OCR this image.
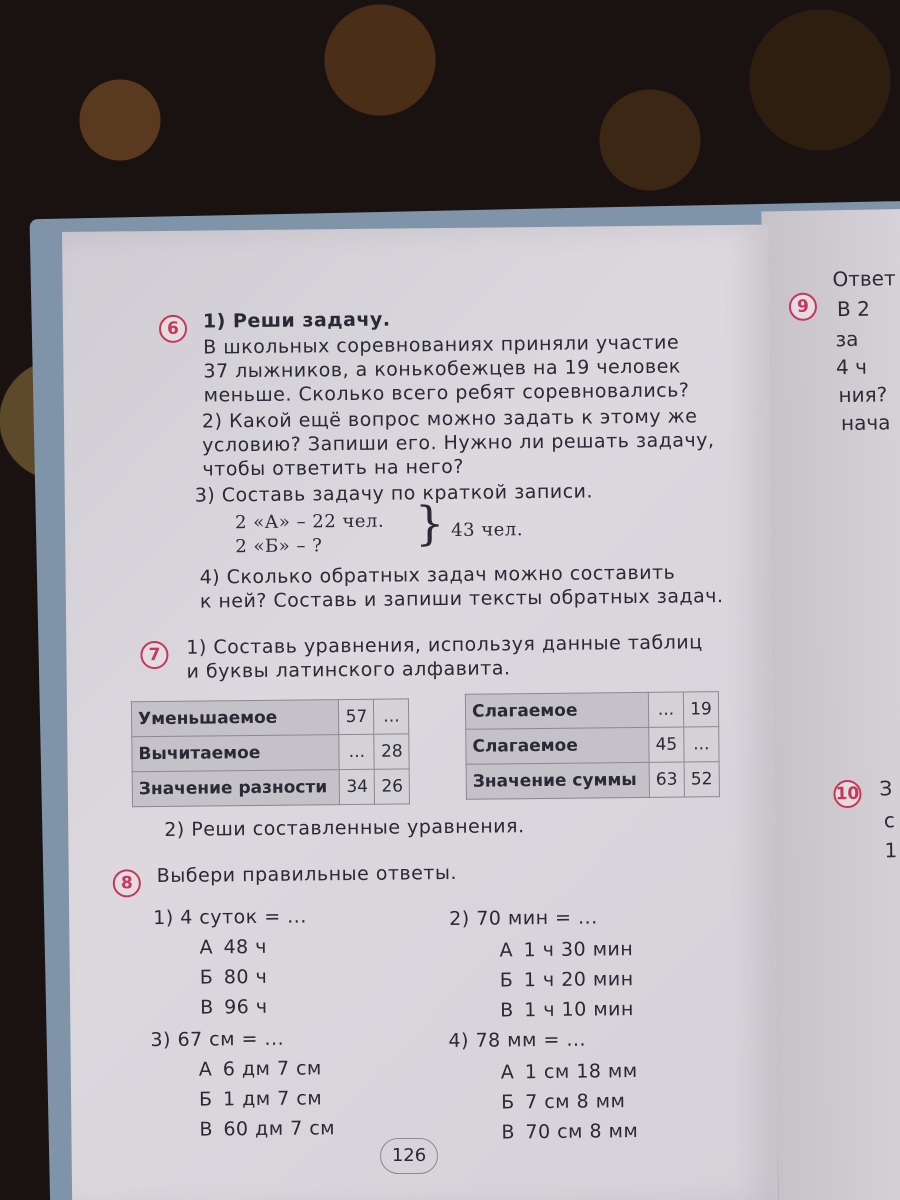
9
Ответ
В 2
за
4 ч
ния?
нача
10 З
с
1
6	1) Реши задачу.
В школьных соревнованиях приняли участие
37 лыжников, а конькобежцев на 19 человек
меньше. Сколько всего ребят соревновались?
2) Какой ещё вопрос можно задать к этому же
условию? Запиши его. Нужно ли решать задачу,
чтобы ответить на него?
3) Составь задачу по краткой записи.
2 «А» – 22 чел.
2 «Б» – ? } 43 чел.
4) Сколько обратных задач можно составить
к ней? Составь и запиши тексты обратных задач.
7	1) Составь уравнения, используя данные таблиц
и буквы латинского алфавита.
Уменьшаемое	57	...
Вычитаемое	...	28
Значение разности	34	26
Слагаемое	...	19
Слагаемое	45	...
Значение суммы	63	52
2) Реши составленные уравнения.
8	Выбери правильные ответы.
1) 4 суток = ...
А 48 ч
Б 80 ч
В 96 ч
2) 70 мин = ...
А 1 ч 30 мин
Б 1 ч 20 мин
В 1 ч 10 мин
3) 67 см = ...
А 6 дм 7 см
Б 1 дм 7 см
В 60 дм 7 см
4) 78 мм = ...
А 1 см 18 мм
Б 7 см 8 мм
В 70 см 8 мм
126
